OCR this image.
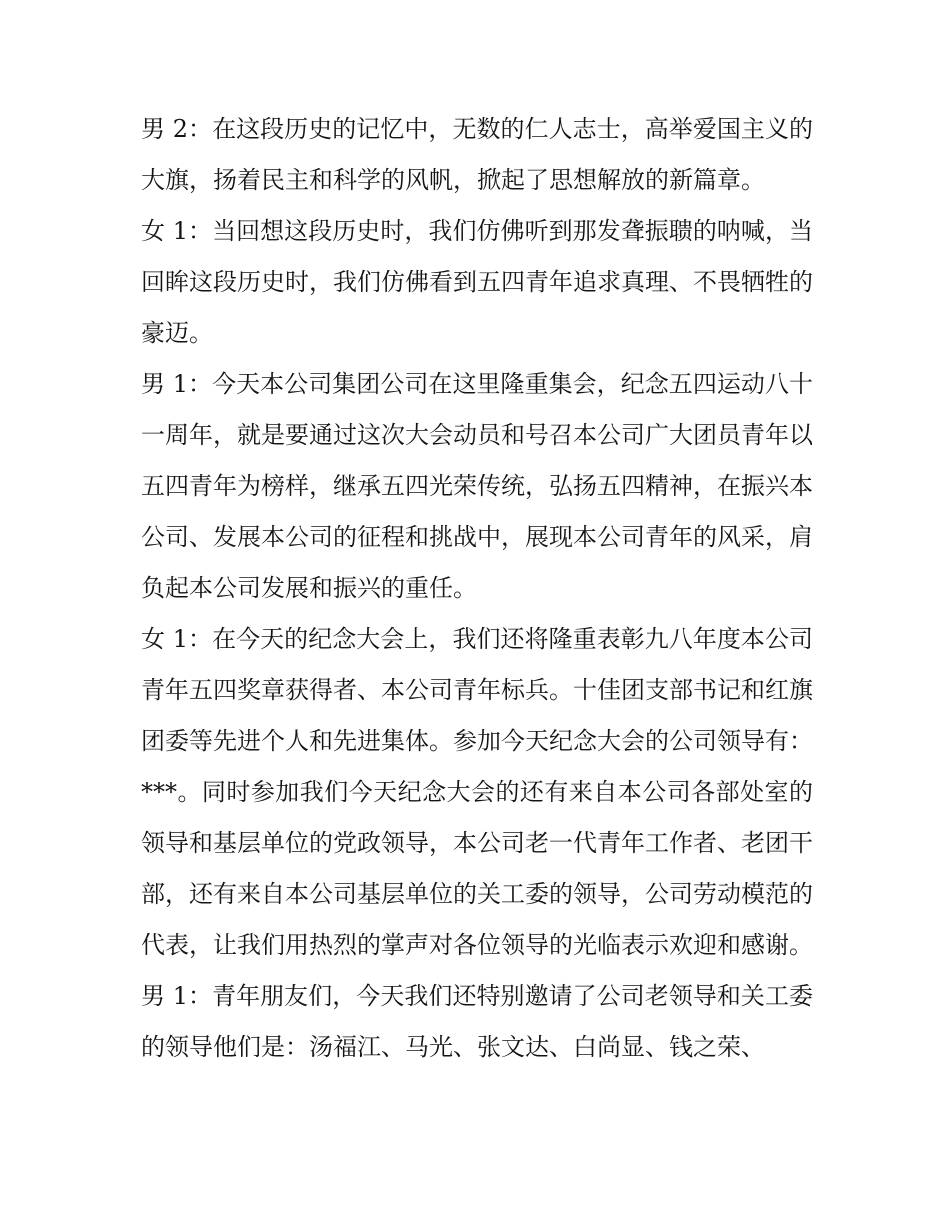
男 2：在这段历史的记忆中，无数的仁人志士，高举爱国主义的大旗，扬着民主和科学的风帆，掀起了思想解放的新篇章。

女 1：当回想这段历史时，我们仿佛听到那发聋振聩的呐喊，当回眸这段历史时，我们仿佛看到五四青年追求真理、不畏牺牲的豪迈。

男 1：今天本公司集团公司在这里隆重集会，纪念五四运动八十一周年，就是要通过这次大会动员和号召本公司广大团员青年以五四青年为榜样，继承五四光荣传统，弘扬五四精神，在振兴本公司、发展本公司的征程和挑战中，展现本公司青年的风采，肩负起本公司发展和振兴的重任。

女 1：在今天的纪念大会上，我们还将隆重表彰九八年度本公司青年五四奖章获得者、本公司青年标兵。十佳团支部书记和红旗团委等先进个人和先进集体。参加今天纪念大会的公司领导有：***。同时参加我们今天纪念大会的还有来自本公司各部处室的领导和基层单位的党政领导，本公司老一代青年工作者、老团干部，还有来自本公司基层单位的关工委的领导，公司劳动模范的代表，让我们用热烈的掌声对各位领导的光临表示欢迎和感谢。

男 1：青年朋友们，今天我们还特别邀请了公司老领导和关工委的领导他们是：汤福江、马光、张文达、白尚显、钱之荣、
